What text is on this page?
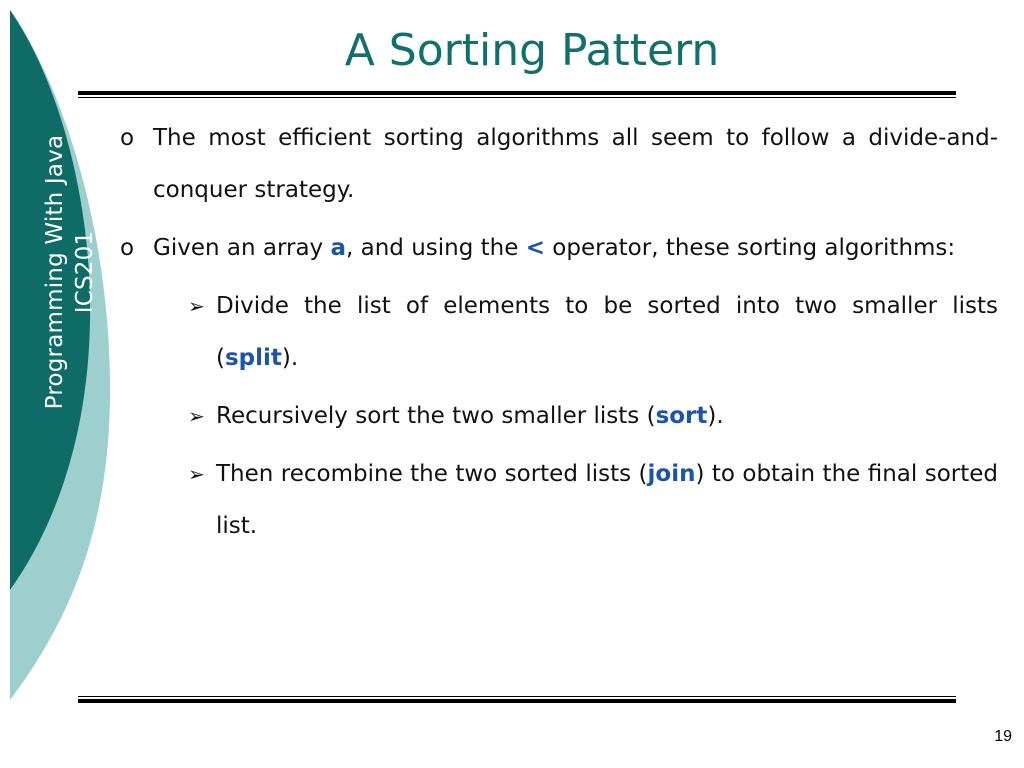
Programming With Java ICS201
A Sorting Pattern
o The most efficient sorting algorithms all seem to follow a divide-and-conquer strategy.
o Given an array a, and using the < operator, these sorting algorithms:
➢ Divide the list of elements to be sorted into two smaller lists (split).
➢ Recursively sort the two smaller lists (sort).
➢ Then recombine the two sorted lists (join) to obtain the final sorted list.
19
